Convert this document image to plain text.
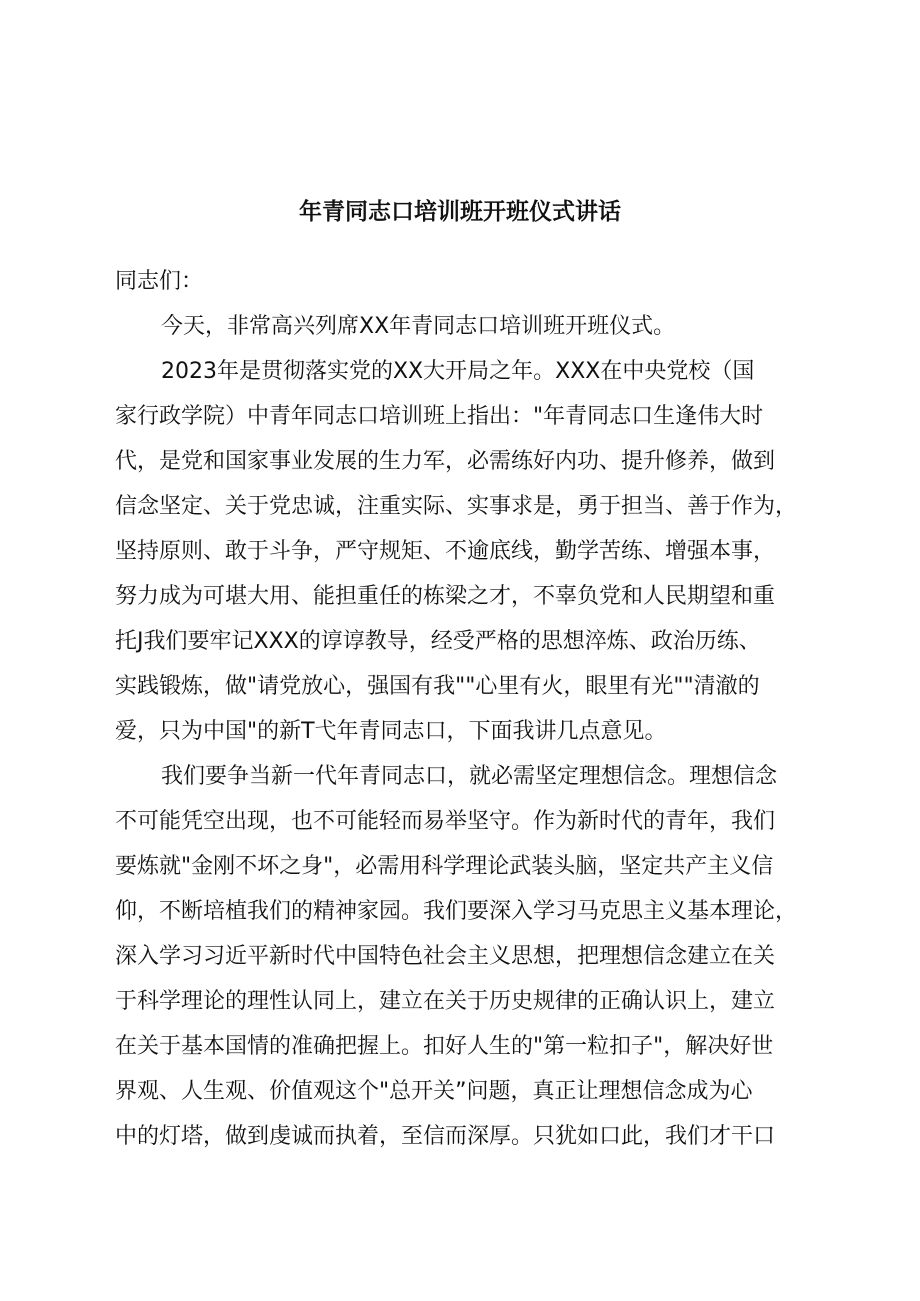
年青同志口培训班开班仪式讲话
同志们：
今天，非常高兴列席XX年青同志口培训班开班仪式。
2023年是贯彻落实党的XX大开局之年。XXX在中央党校（国
家行政学院）中青年同志口培训班上指出："年青同志口生逢伟大时
代，是党和国家事业发展的生力军，必需练好内功、提升修养，做到
信念坚定、关于党忠诚，注重实际、实事求是，勇于担当、善于作为，
坚持原则、敢于斗争，严守规矩、不逾底线，勤学苦练、增强本事，
努力成为可堪大用、能担重任的栋梁之才，不辜负党和人民期望和重
托J我们要牢记XXX的谆谆教导，经受严格的思想淬炼、政治历练、
实践锻炼，做"请党放心，强国有我""心里有火，眼里有光""清澈的
爱，只为中国"的新T弋年青同志口，下面我讲几点意见。
我们要争当新一代年青同志口，就必需坚定理想信念。理想信念
不可能凭空出现，也不可能轻而易举坚守。作为新时代的青年，我们
要炼就"金刚不坏之身"，必需用科学理论武装头脑，坚定共产主义信
仰，不断培植我们的精神家园。我们要深入学习马克思主义基本理论，
深入学习习近平新时代中国特色社会主义思想，把理想信念建立在关
于科学理论的理性认同上，建立在关于历史规律的正确认识上，建立
在关于基本国情的准确把握上。扣好人生的"第一粒扣子"，解决好世
界观、人生观、价值观这个"总开关”问题，真正让理想信念成为心
中的灯塔，做到虔诚而执着，至信而深厚。只犹如口此，我们才干口
